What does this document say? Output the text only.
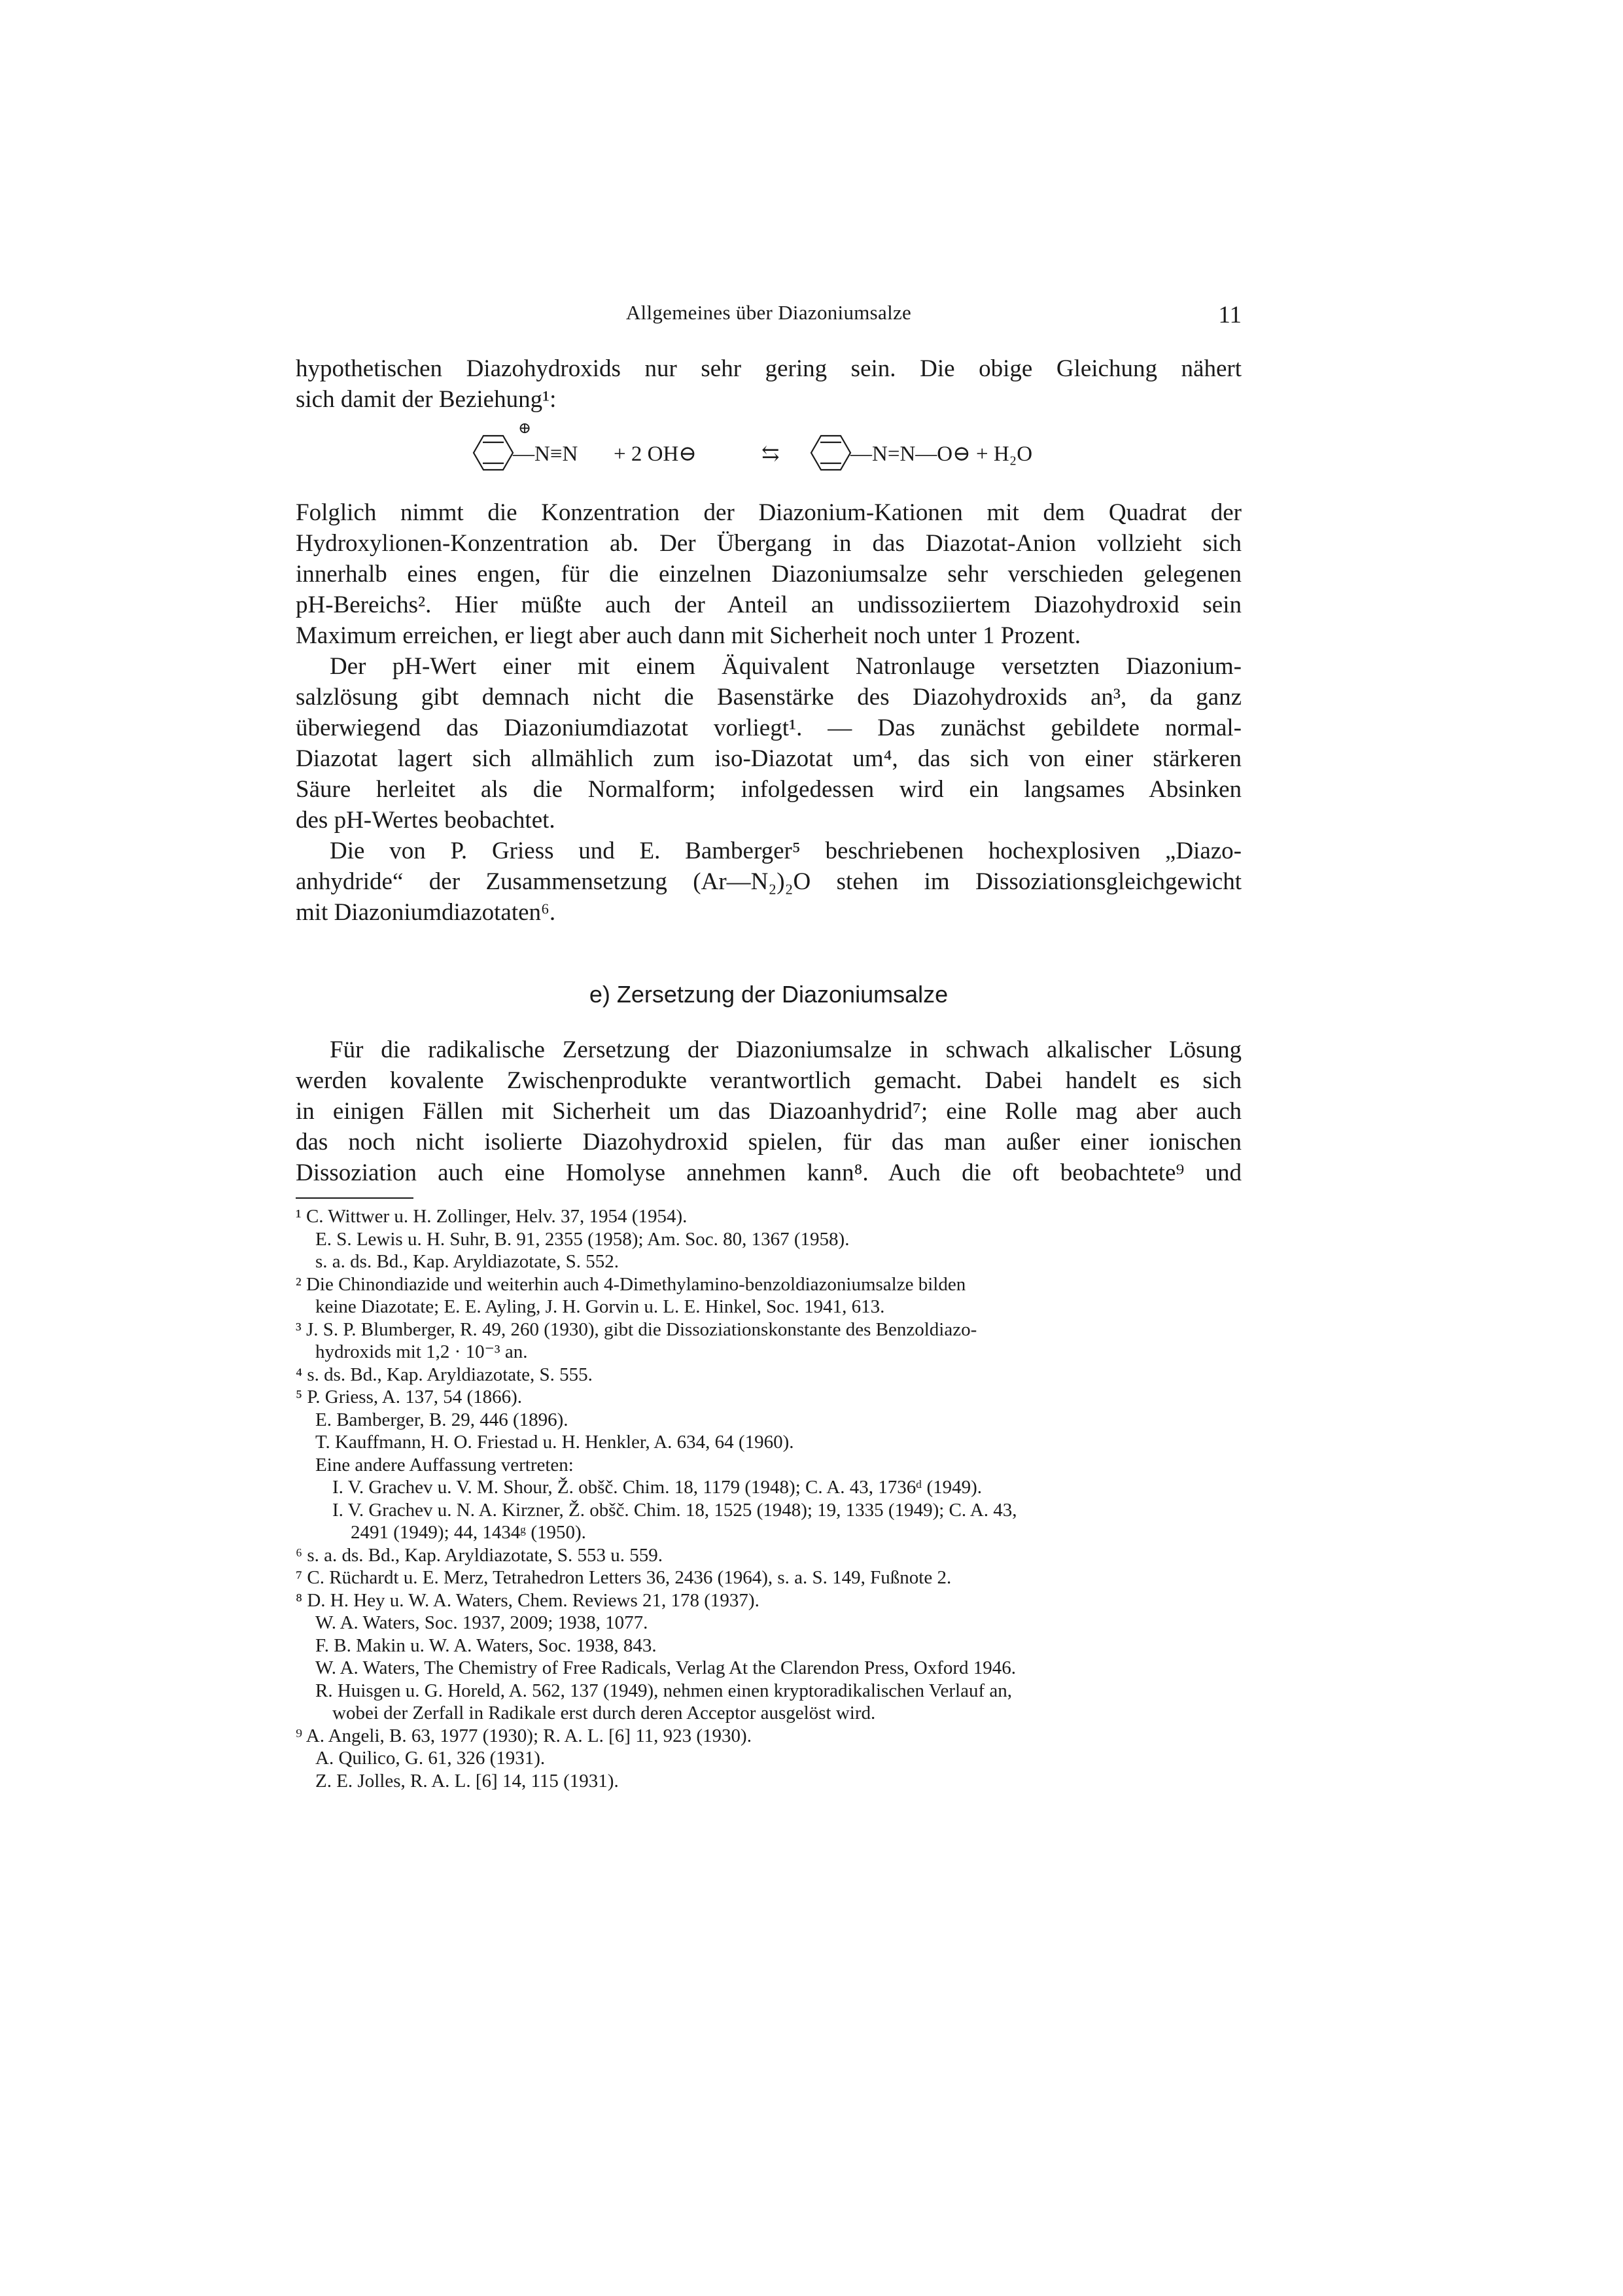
Allgemeines über Diazoniumsalze	11
hypothetischen Diazohydroxids nur sehr gering sein. Die obige Gleichung nähert
sich damit der Beziehung¹:
⊕
—N≡N + 2 OH⊖	⇆	—N=N—O⊖ + H₂O
Folglich nimmt die Konzentration der Diazonium-Kationen mit dem Quadrat der
Hydroxylionen-Konzentration ab. Der Übergang in das Diazotat-Anion vollzieht sich
innerhalb eines engen, für die einzelnen Diazoniumsalze sehr verschieden gelegenen
pH-Bereichs². Hier müßte auch der Anteil an undissoziiertem Diazohydroxid sein
Maximum erreichen, er liegt aber auch dann mit Sicherheit noch unter 1 Prozent.
Der pH-Wert einer mit einem Äquivalent Natronlauge versetzten Diazonium-
salzlösung gibt demnach nicht die Basenstärke des Diazohydroxids an³, da ganz
überwiegend das Diazoniumdiazotat vorliegt¹. — Das zunächst gebildete normal-
Diazotat lagert sich allmählich zum iso-Diazotat um⁴, das sich von einer stärkeren
Säure herleitet als die Normalform; infolgedessen wird ein langsames Absinken
des pH-Wertes beobachtet.
Die von P. Griess und E. Bamberger⁵ beschriebenen hochexplosiven „Diazo-
anhydride“ der Zusammensetzung (Ar—N₂)₂O stehen im Dissoziationsgleichgewicht
mit Diazoniumdiazotaten⁶.
e) Zersetzung der Diazoniumsalze
Für die radikalische Zersetzung der Diazoniumsalze in schwach alkalischer Lösung
werden kovalente Zwischenprodukte verantwortlich gemacht. Dabei handelt es sich
in einigen Fällen mit Sicherheit um das Diazoanhydrid⁷; eine Rolle mag aber auch
das noch nicht isolierte Diazohydroxid spielen, für das man außer einer ionischen
Dissoziation auch eine Homolyse annehmen kann⁸. Auch die oft beobachtete⁹ und
¹ C. Wittwer u. H. Zollinger, Helv. 37, 1954 (1954).
E. S. Lewis u. H. Suhr, B. 91, 2355 (1958); Am. Soc. 80, 1367 (1958).
s. a. ds. Bd., Kap. Aryldiazotate, S. 552.
² Die Chinondiazide und weiterhin auch 4-Dimethylamino-benzoldiazoniumsalze bilden
keine Diazotate; E. E. Ayling, J. H. Gorvin u. L. E. Hinkel, Soc. 1941, 613.
³ J. S. P. Blumberger, R. 49, 260 (1930), gibt die Dissoziationskonstante des Benzoldiazo-
hydroxids mit 1,2 · 10⁻³ an.
⁴ s. ds. Bd., Kap. Aryldiazotate, S. 555.
⁵ P. Griess, A. 137, 54 (1866).
E. Bamberger, B. 29, 446 (1896).
T. Kauffmann, H. O. Friestad u. H. Henkler, A. 634, 64 (1960).
Eine andere Auffassung vertreten:
I. V. Grachev u. V. M. Shour, Ž. obšč. Chim. 18, 1179 (1948); C. A. 43, 1736ᵈ (1949).
I. V. Grachev u. N. A. Kirzner, Ž. obšč. Chim. 18, 1525 (1948); 19, 1335 (1949); C. A. 43,
2491 (1949); 44, 1434ᵍ (1950).
⁶ s. a. ds. Bd., Kap. Aryldiazotate, S. 553 u. 559.
⁷ C. Rüchardt u. E. Merz, Tetrahedron Letters 36, 2436 (1964), s. a. S. 149, Fußnote 2.
⁸ D. H. Hey u. W. A. Waters, Chem. Reviews 21, 178 (1937).
W. A. Waters, Soc. 1937, 2009; 1938, 1077.
F. B. Makin u. W. A. Waters, Soc. 1938, 843.
W. A. Waters, The Chemistry of Free Radicals, Verlag At the Clarendon Press, Oxford 1946.
R. Huisgen u. G. Horeld, A. 562, 137 (1949), nehmen einen kryptoradikalischen Verlauf an,
wobei der Zerfall in Radikale erst durch deren Acceptor ausgelöst wird.
⁹ A. Angeli, B. 63, 1977 (1930); R. A. L. [6] 11, 923 (1930).
A. Quilico, G. 61, 326 (1931).
Z. E. Jolles, R. A. L. [6] 14, 115 (1931).
